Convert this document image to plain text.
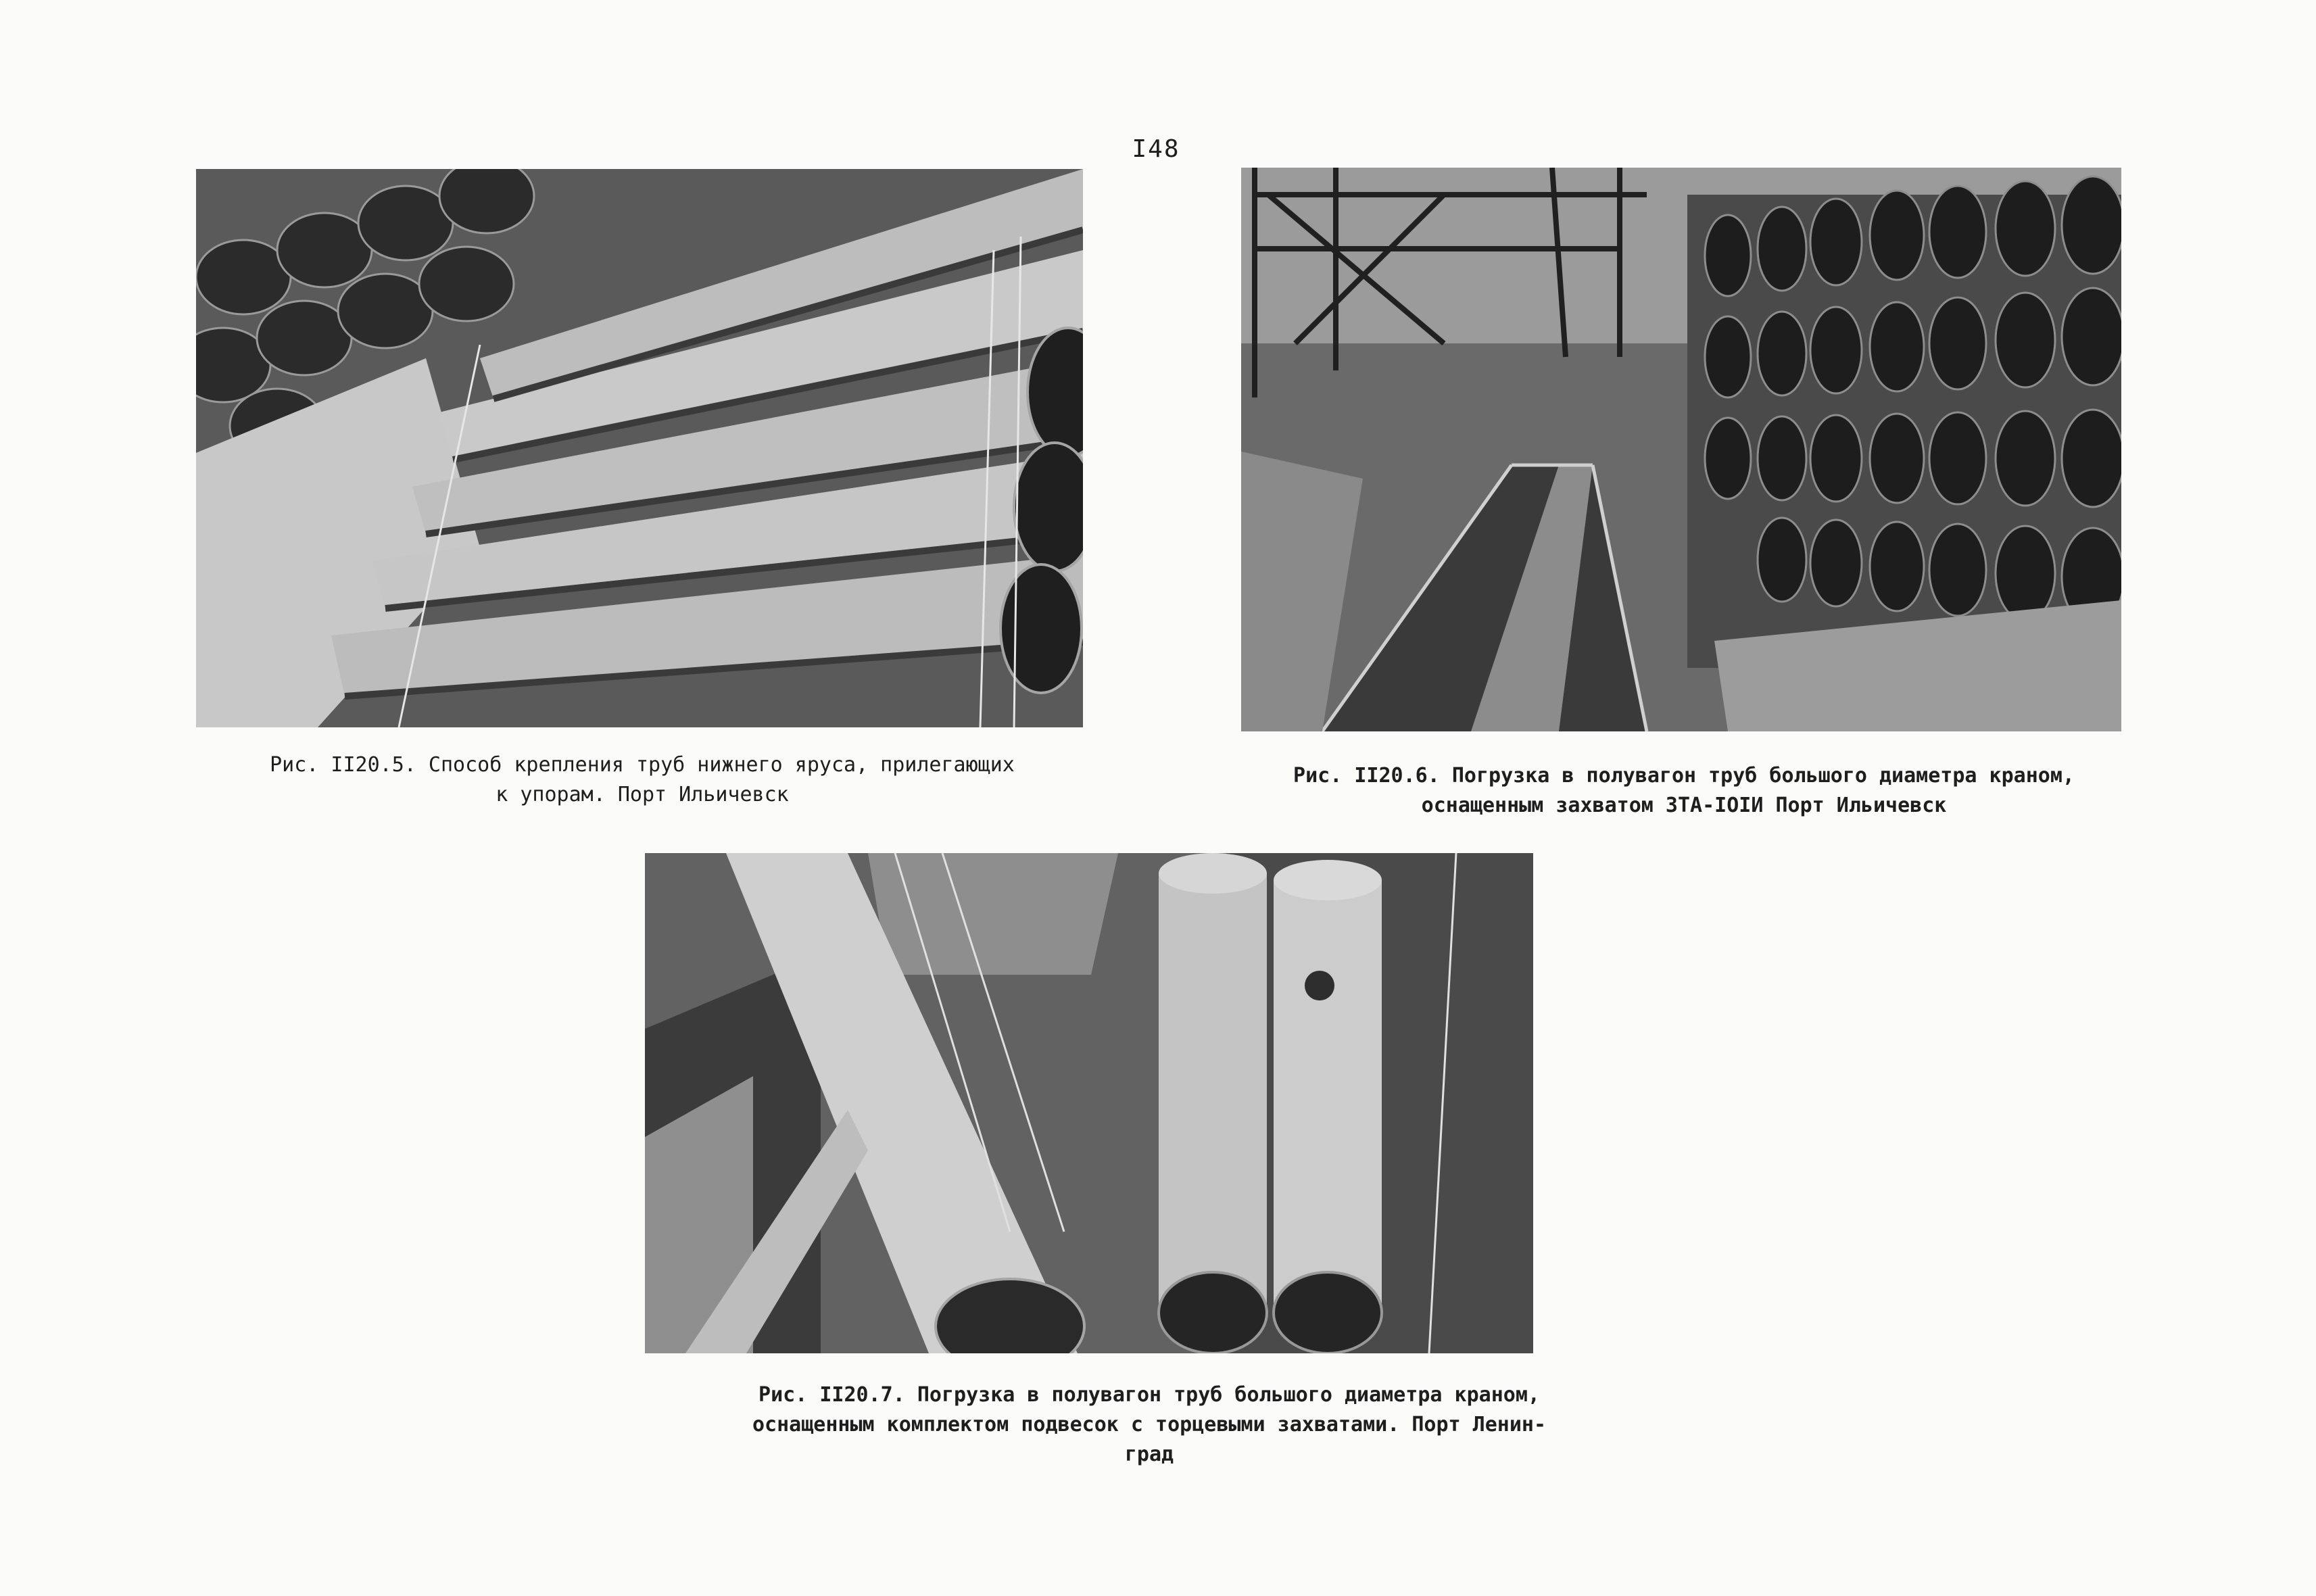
I48
Рис. II20.5. Способ крепления труб нижнего яруса, прилегающих
к упорам. Порт Ильичевск
Рис. II20.6. Погрузка в полувагон труб большого диаметра краном,
оснащенным захватом ЗТА-IOIИ Порт Ильичевск
Рис. II20.7. Погрузка в полувагон труб большого диаметра краном,
оснащенным комплектом подвесок с торцевыми захватами. Порт Ленин-
град
